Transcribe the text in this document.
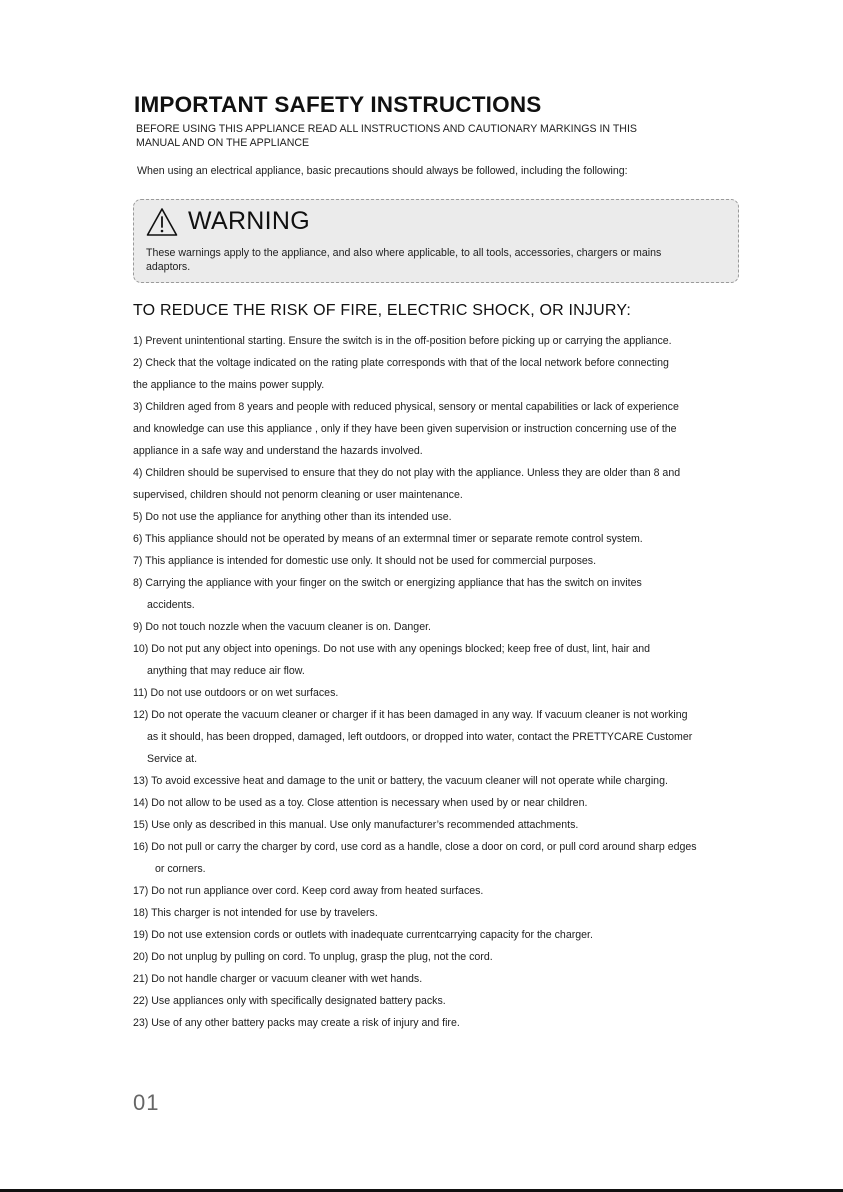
IMPORTANT SAFETY INSTRUCTIONS
BEFORE USING THIS APPLIANCE READ ALL INSTRUCTIONS AND CAUTIONARY MARKINGS IN THIS
MANUAL AND ON THE APPLIANCE
When using an electrical appliance, basic precautions should always be followed, including the following:
WARNING
These warnings apply to the appliance, and also where applicable, to all tools, accessories, chargers or mains
adaptors.
TO REDUCE THE RISK OF FIRE, ELECTRIC SHOCK, OR INJURY:
1) Prevent unintentional starting. Ensure the switch is in the off-position before picking up or carrying the appliance.
2) Check that the voltage indicated on the rating plate corresponds with that of the local network before connecting
the appliance to the mains power supply.
3) Children aged from 8 years and people with reduced physical, sensory or mental capabilities or lack of experience
and knowledge can use this appliance , only if they have been given supervision or instruction concerning use of the
appliance in a safe way and understand the hazards involved.
4) Children should be supervised to ensure that they do not play with the appliance. Unless they are older than 8 and
supervised, children should not penorm cleaning or user maintenance.
5) Do not use the appliance for anything other than its intended use.
6) This appliance should not be operated by means of an extermnal timer or separate remote control system.
7) This appliance is intended for domestic use only. It should not be used for commercial purposes.
8) Carrying the appliance with your finger on the switch or energizing appliance that has the switch on invites
accidents.
9) Do not touch nozzle when the vacuum cleaner is on. Danger.
10) Do not put any object into openings. Do not use with any openings blocked; keep free of dust, lint, hair and
anything that may reduce air flow.
11) Do not use outdoors or on wet surfaces.
12) Do not operate the vacuum cleaner or charger if it has been damaged in any way. If vacuum cleaner is not working
as it should, has been dropped, damaged, left outdoors, or dropped into water, contact the PRETTYCARE Customer
Service at.
13) To avoid excessive heat and damage to the unit or battery, the vacuum cleaner will not operate while charging.
14) Do not allow to be used as a toy. Close attention is necessary when used by or near children.
15) Use only as described in this manual. Use only manufacturer’s recommended attachments.
16) Do not pull or carry the charger by cord, use cord as a handle, close a door on cord, or pull cord around sharp edges
or corners.
17) Do not run appliance over cord. Keep cord away from heated surfaces.
18) This charger is not intended for use by travelers.
19) Do not use extension cords or outlets with inadequate currentcarrying capacity for the charger.
20) Do not unplug by pulling on cord. To unplug, grasp the plug, not the cord.
21) Do not handle charger or vacuum cleaner with wet hands.
22) Use appliances only with specifically designated battery packs.
23) Use of any other battery packs may create a risk of injury and fire.
01
